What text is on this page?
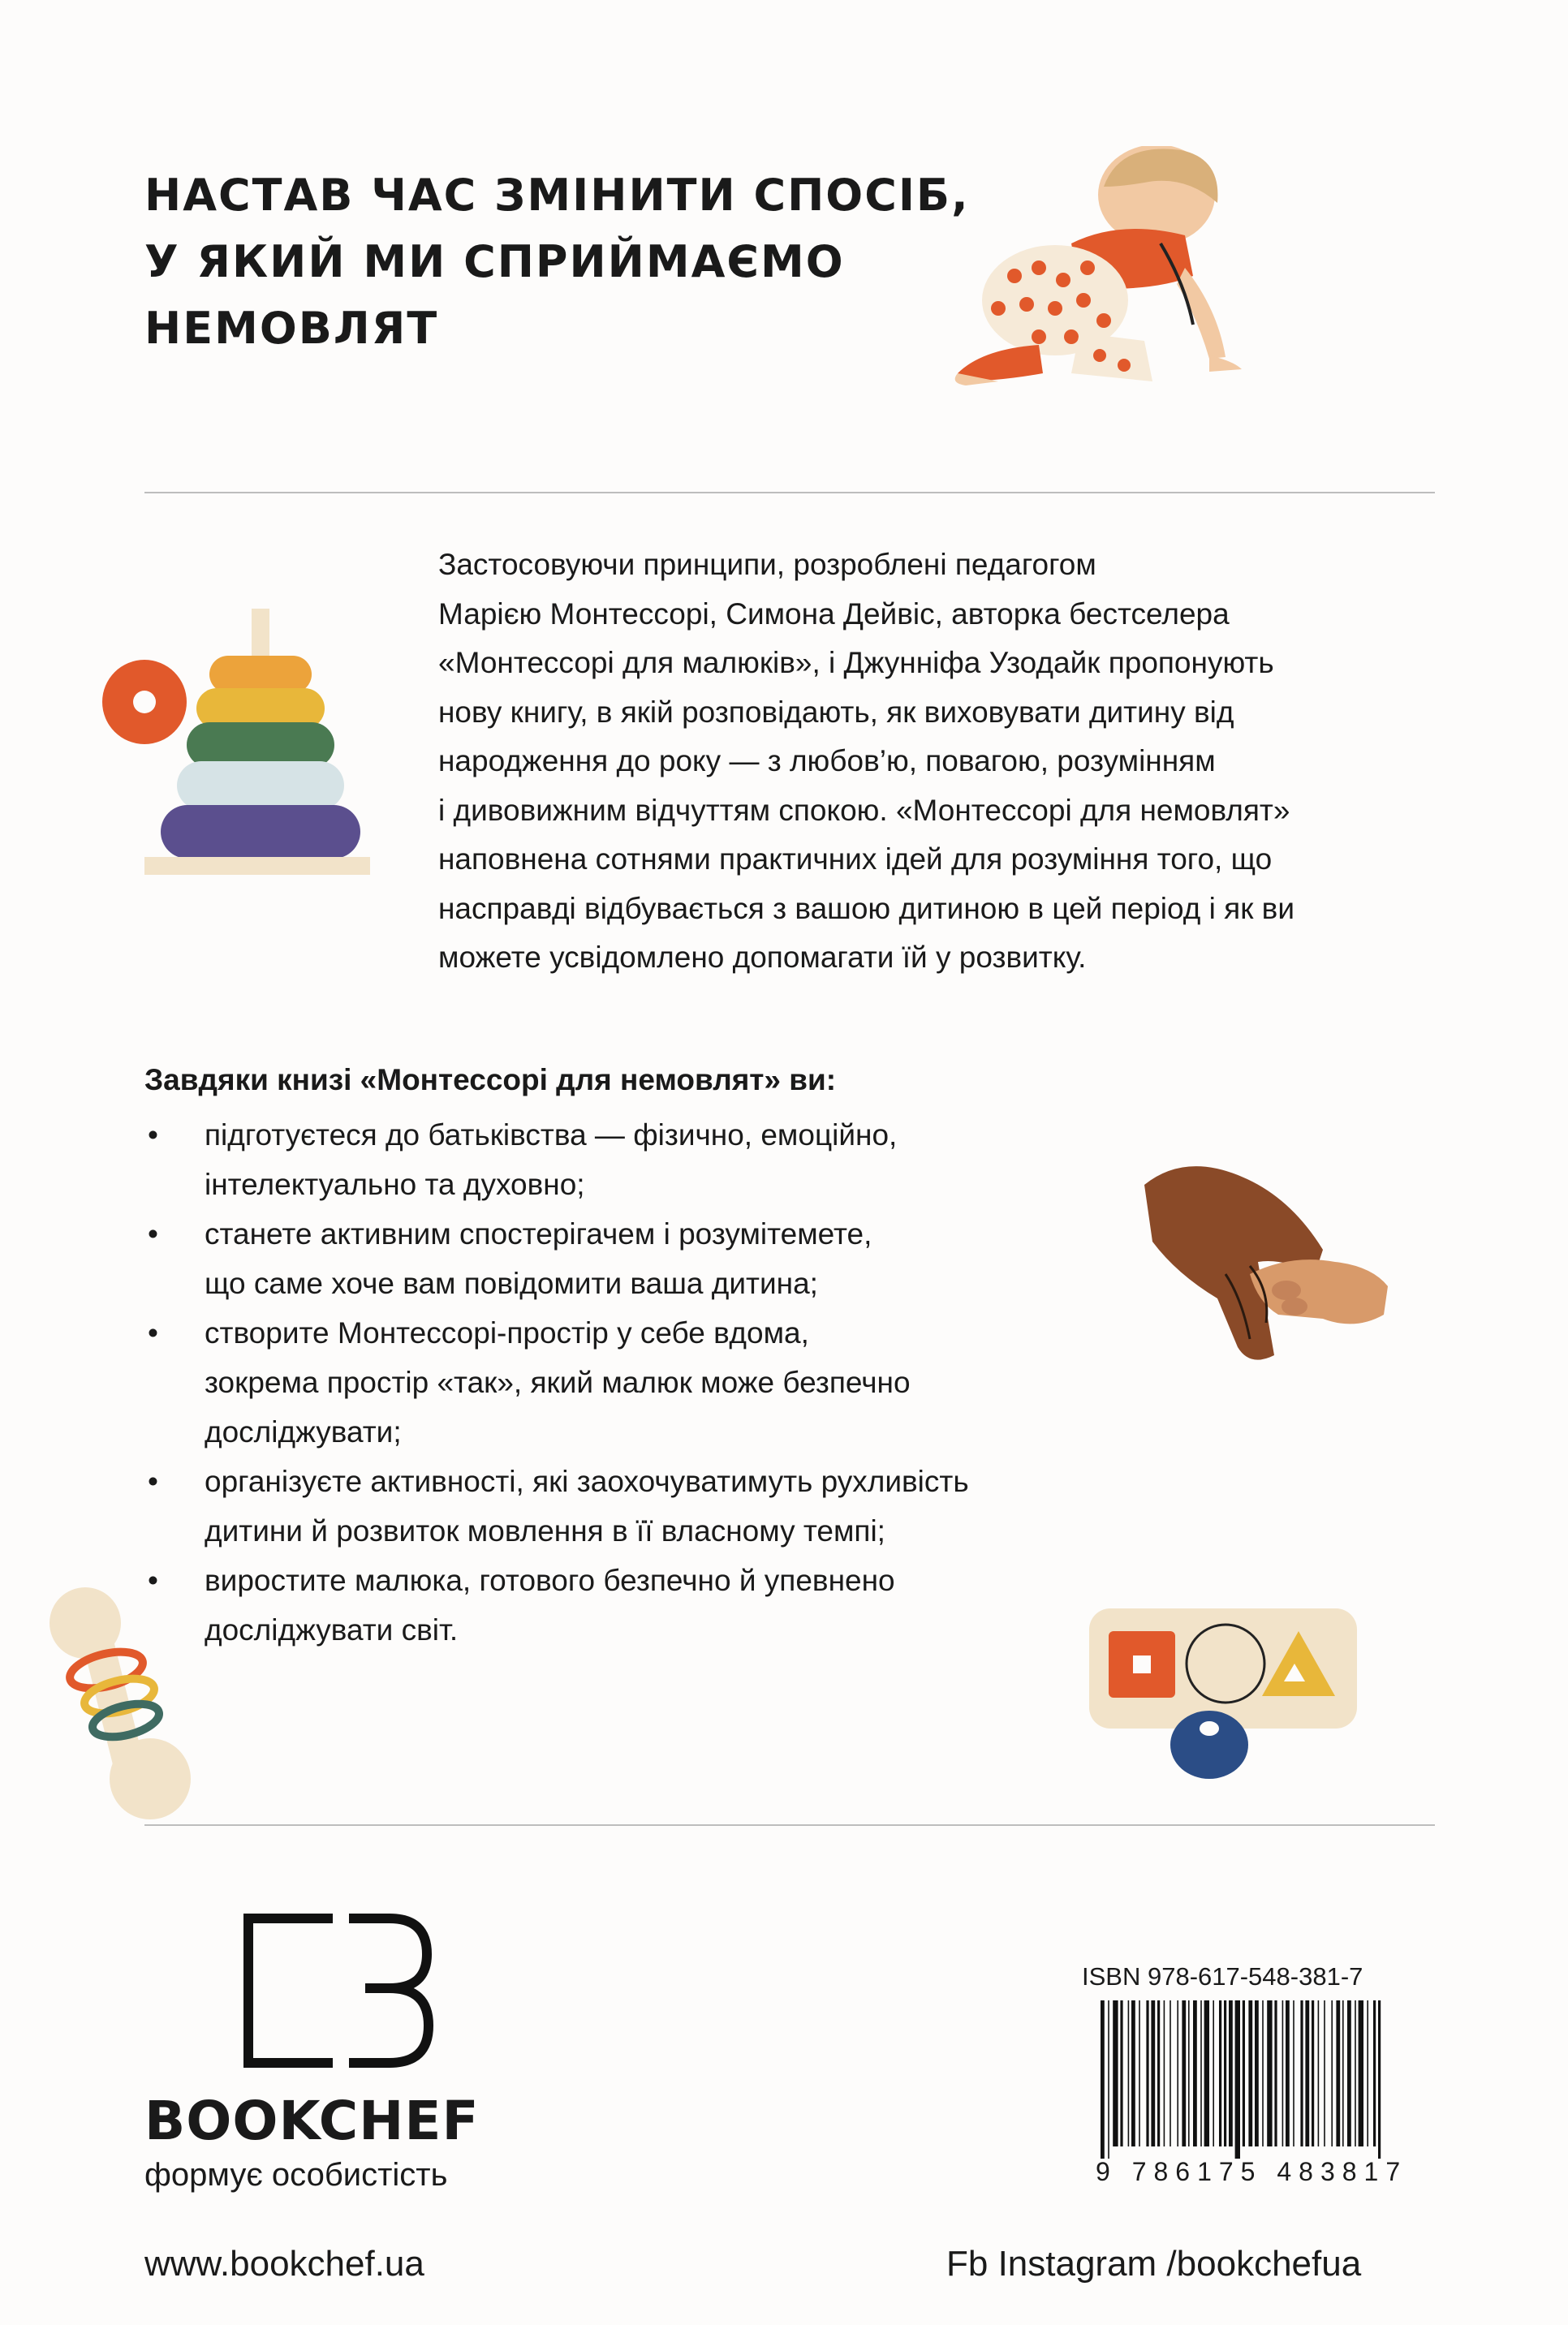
НАСТАВ ЧАС ЗМІНИТИ СПОСІБ,
У ЯКИЙ МИ СПРИЙМАЄМО
НЕМОВЛЯТ
Застосовуючи принципи, розроблені педагогом
Марією Монтессорі, Симона Дейвіс, авторка бестселера
«Монтессорі для малюків», і Джунніфа Узодайк пропонують
нову книгу, в якій розповідають, як виховувати дитину від
народження до року — з любов’ю, повагою, розумінням
і дивовижним відчуттям спокою. «Монтессорі для немовлят»
наповнена сотнями практичних ідей для розуміння того, що
насправді відбувається з вашою дитиною в цей період і як ви
можете усвідомлено допомагати їй у розвитку.
Завдяки книзі «Монтессорі для немовлят» ви:
• підготуєтеся до батьківства — фізично, емоційно,
інтелектуально та духовно;
• станете активним спостерігачем і розумітемете,
що саме хоче вам повідомити ваша дитина;
• створите Монтессорі-простір у себе вдома,
зокрема простір «так», який малюк може безпечно
досліджувати;
• організуєте активності, які заохочуватимуть рухливість
дитини й розвиток мовлення в її власному темпі;
• виростите малюка, готового безпечно й упевнено
досліджувати світ.
BOOKCHEF
формує особистість
ISBN 978-617-548-381-7
9 786175 483817
www.bookchef.ua	Fb Instagram /bookchefua
